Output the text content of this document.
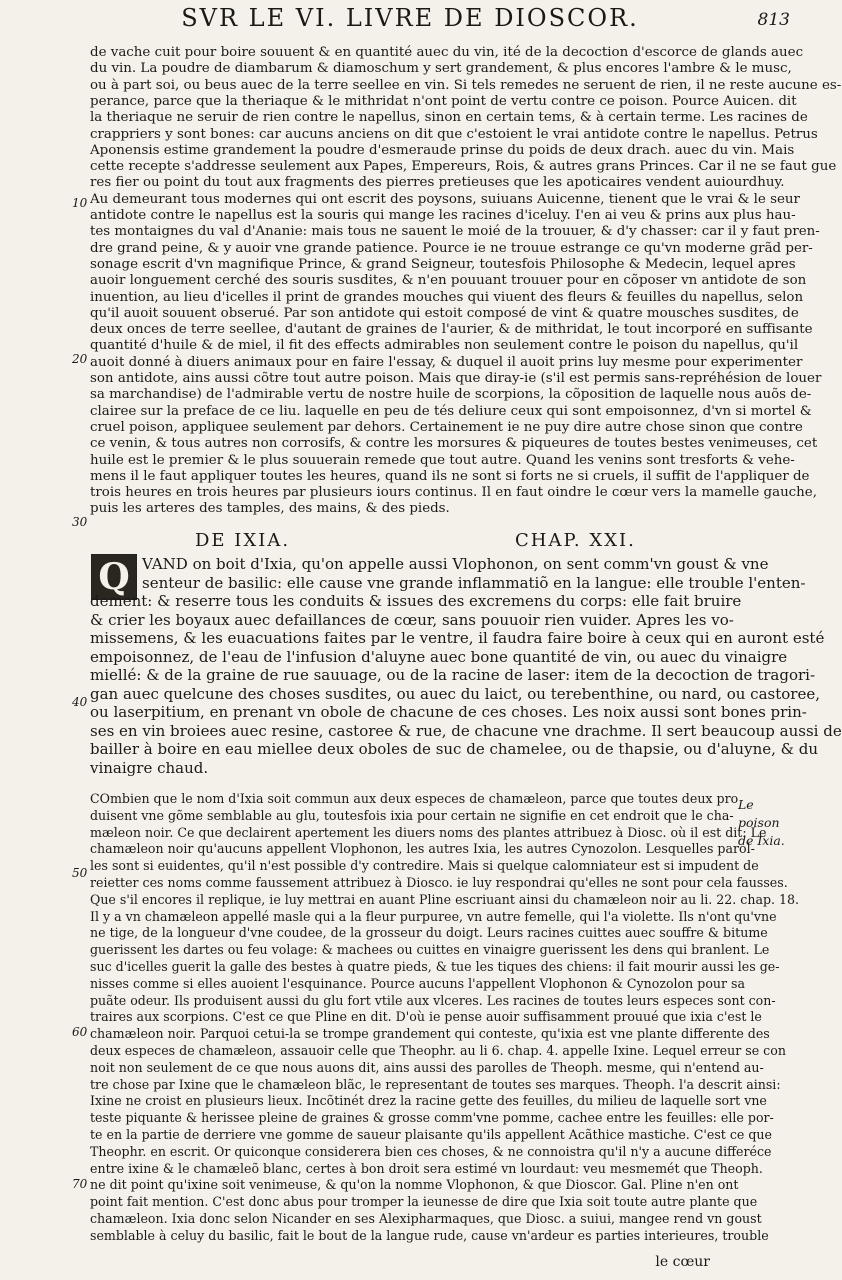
SVR LE VI. LIVRE DE DIOSCOR.	813
de vache cuit pour boire souuent & en quantité auec du vin, ité de la decoction d'escorce de glands auec
du vin. La poudre de diambarum & diamoschum y sert grandement, & plus encores l'ambre & le musc,
ou à part soi, ou beus auec de la terre seellee en vin. Si tels remedes ne seruent de rien, il ne reste aucune es-
perance, parce que la theriaque & le mithridat n'ont point de vertu contre ce poison. Pource Auicen. dit
la theriaque ne seruir de rien contre le napellus, sinon en certain tems, & à certain terme. Les racines de
crappriers y sont bones: car aucuns anciens on dit que c'estoient le vrai antidote contre le napellus. Petrus
Aponensis estime grandement la poudre d'esmeraude prinse du poids de deux drach. auec du vin. Mais
cette recepte s'addresse seulement aux Papes, Empereurs, Rois, & autres grans Princes. Car il ne se faut gue
res fier ou point du tout aux fragments des pierres pretieuses que les apoticaires vendent auiourdhuy.
Au demeurant tous modernes qui ont escrit des poysons, suiuans Auicenne, tienent que le vrai & le seur
antidote contre le napellus est la souris qui mange les racines d'iceluy. I'en ai veu & prins aux plus hau-
tes montaignes du val d'Ananie: mais tous ne sauent le moié de la trouuer, & d'y chasser: car il y faut pren-
dre grand peine, & y auoir vne grande patience. Pource ie ne trouue estrange ce qu'vn moderne grãd per-
sonage escrit d'vn magnifique Prince, & grand Seigneur, toutesfois Philosophe & Medecin, lequel apres
auoir longuement cerché des souris susdites, & n'en pouuant trouuer pour en cõposer vn antidote de son
inuention, au lieu d'icelles il print de grandes mouches qui viuent des fleurs & feuilles du napellus, selon
qu'il auoit souuent obserué. Par son antidote qui estoit composé de vint & quatre mousches susdites, de
deux onces de terre seellee, d'autant de graines de l'aurier, & de mithridat, le tout incorporé en suffisante
quantité d'huile & de miel, il fit des effects admirables non seulement contre le poison du napellus, qu'il
auoit donné à diuers animaux pour en faire l'essay, & duquel il auoit prins luy mesme pour experimenter
son antidote, ains aussi cõtre tout autre poison. Mais que diray-ie (s'il est permis sans-repréhésion de louer
sa marchandise) de l'admirable vertu de nostre huile de scorpions, la cõposition de laquelle nous auõs de-
clairee sur la preface de ce liu. laquelle en peu de tés deliure ceux qui sont empoisonnez, d'vn si mortel &
cruel poison, appliquee seulement par dehors. Certainement ie ne puy dire autre chose sinon que contre
ce venin, & tous autres non corrosifs, & contre les morsures & piqueures de toutes bestes venimeuses, cet
huile est le premier & le plus souuerain remede que tout autre. Quand les venins sont tresforts & vehe-
mens il le faut appliquer toutes les heures, quand ils ne sont si forts ne si cruels, il suffit de l'appliquer de
trois heures en trois heures par plusieurs iours continus. Il en faut oindre le cœur vers la mamelle gauche,
puis les arteres des tamples, des mains, & des pieds.
DE IXIA.	CHAP. XXI.
Q VAND on boit d'Ixia, qu'on appelle aussi Vlophonon, on sent comm'vn goust & vne
senteur de basilic: elle cause vne grande inflammatiõ en la langue: elle trouble l'enten-
dement: & reserre tous les conduits & issues des excremens du corps: elle fait bruire
& crier les boyaux auec defaillances de cœur, sans pouuoir rien vuider. Apres les vo-
missemens, & les euacuations faites par le ventre, il faudra faire boire à ceux qui en auront esté
empoisonnez, de l'eau de l'infusion d'aluyne auec bone quantité de vin, ou auec du vinaigre
miellé: & de la graine de rue sauuage, ou de la racine de laser: item de la decoction de tragori-
gan auec quelcune des choses susdites, ou auec du laict, ou terebenthine, ou nard, ou castoree,
ou laserpitium, en prenant vn obole de chacune de ces choses. Les noix aussi sont bones prin-
ses en vin broiees auec resine, castoree & rue, de chacune vne drachme. Il sert beaucoup aussi de
bailler à boire en eau miellee deux oboles de suc de chamelee, ou de thapsie, ou d'aluyne, & du
vinaigre chaud.
Le poison de Ixia.
COmbien que le nom d'Ixia soit commun aux deux especes de chamæleon, parce que toutes deux pro
duisent vne gõme semblable au glu, toutesfois ixia pour certain ne signifie en cet endroit que le cha-
mæleon noir. Ce que declairent apertement les diuers noms des plantes attribuez à Diosc. où il est dit: Le
chamæleon noir qu'aucuns appellent Vlophonon, les autres Ixia, les autres Cynozolon. Lesquelles parol-
les sont si euidentes, qu'il n'est possible d'y contredire. Mais si quelque calomniateur est si impudent de
reietter ces noms comme faussement attribuez à Diosco. ie luy respondrai qu'elles ne sont pour cela fausses.
Que s'il encores il replique, ie luy mettrai en auant Pline escriuant ainsi du chamæleon noir au li. 22. chap. 18.
Il y a vn chamæleon appellé masle qui a la fleur purpuree, vn autre femelle, qui l'a violette. Ils n'ont qu'vne
ne tige, de la longueur d'vne coudee, de la grosseur du doigt. Leurs racines cuittes auec souffre & bitume
guerissent les dartes ou feu volage: & machees ou cuittes en vinaigre guerissent les dens qui branlent. Le
suc d'icelles guerit la galle des bestes à quatre pieds, & tue les tiques des chiens: il fait mourir aussi les ge-
nisses comme si elles auoient l'esquinance. Pource aucuns l'appellent Vlophonon & Cynozolon pour sa
puãte odeur. Ils produisent aussi du glu fort vtile aux vlceres. Les racines de toutes leurs especes sont con-
traires aux scorpions. C'est ce que Pline en dit. D'où ie pense auoir suffisamment prouué que ixia c'est le
chamæleon noir. Parquoi cetui-la se trompe grandement qui conteste, qu'ixia est vne plante differente des
deux especes de chamæleon, assauoir celle que Theophr. au li 6. chap. 4. appelle Ixine. Lequel erreur se con
noit non seulement de ce que nous auons dit, ains aussi des parolles de Theoph. mesme, qui n'entend au-
tre chose par Ixine que le chamæleon blãc, le representant de toutes ses marques. Theoph. l'a descrit ainsi:
Ixine ne croist en plusieurs lieux. Incõtinét drez la racine gette des feuilles, du milieu de laquelle sort vne
teste piquante & herissee pleine de graines & grosse comm'vne pomme, cachee entre les feuilles: elle por-
te en la partie de derriere vne gomme de saueur plaisante qu'ils appellent Acãthice mastiche. C'est ce que
Theophr. en escrit. Or quiconque considerera bien ces choses, & ne connoistra qu'il n'y a aucune differéce
entre ixine & le chamæleõ blanc, certes à bon droit sera estimé vn lourdaut: veu mesmemét que Theoph.
ne dit point qu'ixine soit venimeuse, & qu'on la nomme Vlophonon, & que Dioscor. Gal. Pline n'en ont
point fait mention. C'est donc abus pour tromper la ieunesse de dire que Ixia soit toute autre plante que
chamæleon. Ixia donc selon Nicander en ses Alexipharmaques, que Diosc. a suiui, mangee rend vn goust
semblable à celuy du basilic, fait le bout de la langue rude, cause vn'ardeur es parties interieures, trouble
10
20
30
40
50
60
70
le cœur
